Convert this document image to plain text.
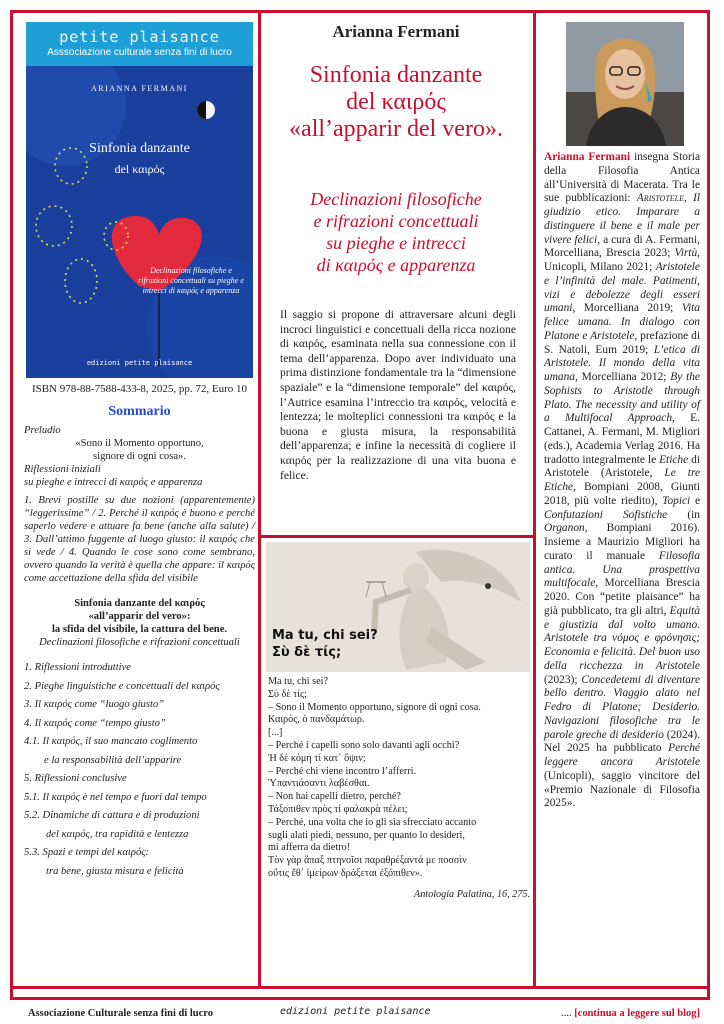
petite plaisance
Asssociazione culturale senza fini di lucro
ARIANNA FERMANI
Sinfonia danzante
del καιρός
Declinazioni filosofiche e rifrazioni concettuali su pieghe e intrecci di καιρός e apparenza
edizioni petite plaisance
ISBN 978-88-7588-433-8, 2025, pp. 72, Euro 10
Sommario

Preludio

«Sono il Momento opportuno,

signore di ogni cosa».

Riflessioni iniziali

su pieghe e intrecci di καιρός e apparenza

1. Brevi postille su due nozioni (apparentemente) “leggerissime” / 2. Perché il καιρός è buono e perché saperlo vedere e attuare fa bene (anche alla salute) / 3. Dall’attimo fuggente al luogo giusto: il καιρός che si vede / 4. Quando le cose sono come sembrano, ovvero quando la verità è quella che appare: il καιρός come accettazione della sfida del visibile

Sinfonia danzante del καιρός

«all’apparir del vero»:

la sfida del visibile, la cattura del bene.

Declinazioni filosofiche e rifrazioni concettuali

1. Riflessioni introduttive
2. Pieghe linguistiche e concettuali del καιρός
3. Il καιρός come “luogo giusto”
4. Il καιρός come “tempo giusto”
4.1. Il καιρός, il suo mancato coglimento
e la responsabilità dell’apparire
5. Riflessioni conclusive
5.1. Il καιρός è nel tempo e fuori dal tempo
5.2. Dinamiche di cattura e di produzioni
del καιρός, tra rapidità e lentezza
5.3. Spazi e tempi del καιρός:
tra bene, giusta misura e felicità
Arianna Fermani
Sinfonia danzante
del καιρός
«all’apparir del vero».
Declinazioni filosofiche
e rifrazioni concettuali
su pieghe e intrecci
di καιρός e apparenza
Il saggio si propone di attraversare alcuni degli incroci linguistici e concettuali della ricca nozione di καιρός, esaminata nella sua connessione con il tema dell’apparenza. Dopo aver individuato una prima distinzione fondamentale tra la “dimensione spaziale” e la “dimensione temporale” del καιρός, l’Autrice esamina l’intreccio tra καιρός, velocità e lentezza; le molteplici connessioni tra καιρός e la buona e giusta misura, la responsabilità dell’apparenza; e infine la necessità di cogliere il καιρός per la realizzazione di una vita buona e felice.
Ma tu, chi sei?
Σὺ δὲ τίς;
Ma tu, chi sei?
Σὺ δὲ τίς;
– Sono il Momento opportuno, signore di ogni cosa.
Καιρός, ὁ πανδαμάτωρ.
[...]
– Perché i capelli sono solo davanti agli occhi?
Ἡ δὲ κόμη τί κατ᾽ ὄψιν;
– Perché chi viene incontro l’afferri.
Ὑπαντιάσαντι λαβέσθαι.
– Non hai capelli dietro, perché?
Τάξοπιθεν πρὸς τί φαλακρὰ πέλει;
– Perché, una volta che io gli sia sfrecciato accanto
sugli alati piedi, nessuno, per quanto lo desideri,
mi afferra da dietro!
Τὸν γὰρ ἅπαξ πτηνοῖσι παραθρέξαντά με ποσσὶν
οὔτις ἔθ᾽ ἱμείρων δράξεται ἐξόπιθεν».
Antologia Palatina, 16, 275.
Arianna Fermani insegna Storia della Filosofia Antica all’Università di Macerata. Tra le sue pubblicazioni: Aristotele, Il giudizio etico. Imparare a distinguere il bene e il male per vivere felici, a cura di A. Fermani, Morcelliana, Brescia 2023; Virtù, Unicopli, Milano 2021; Aristotele e l’infinità del male. Patimenti, vizi e debolezze degli esseri umani, Morcelliana 2019; Vita felice umana. In dialogo con Platone e Aristotele, prefazione di S. Natoli, Eum 2019; L’etica di Aristotele. Il mondo della vita umana, Morcelliana 2012; By the Sophists to Aristotle through Plato. The necessity and utility of a Multifocal Approach, E. Cattanei, A. Fermani, M. Migliori (eds.), Academia Verlag 2016. Ha tradotto integralmente le Etiche di Aristotele (Aristotele, Le tre Etiche, Bompiani 2008, Giunti 2018, più volte riedito), Topici e Confutazioni Sofistiche (in Organon, Bompiani 2016). Insieme a Maurizio Migliori ha curato il manuale Filosofia antica. Una prospettiva multifocale, Morcelliana Brescia 2020. Con “petite plaisance” ha già pubblicato, tra gli altri, Equità e giustizia dal volto umano. Aristotele tra νόμος e φρόνησις; Economia e felicità. Del buon uso della ricchezza in Aristotele (2023); Concedetemi di diventare bello dentro. Viaggio alato nel Fedro di Platone; Desiderio. Navigazioni filosofiche tra le parole greche di desiderio (2024). Nel 2025 ha pubblicato Perché leggere ancora Aristotele (Unicopli), saggio vincitore del «Premio Nazionale di Filosofia 2025».
Associazione Culturale senza fini di lucro	edizioni petite plaisance	.... [continua a leggere sul blog]
